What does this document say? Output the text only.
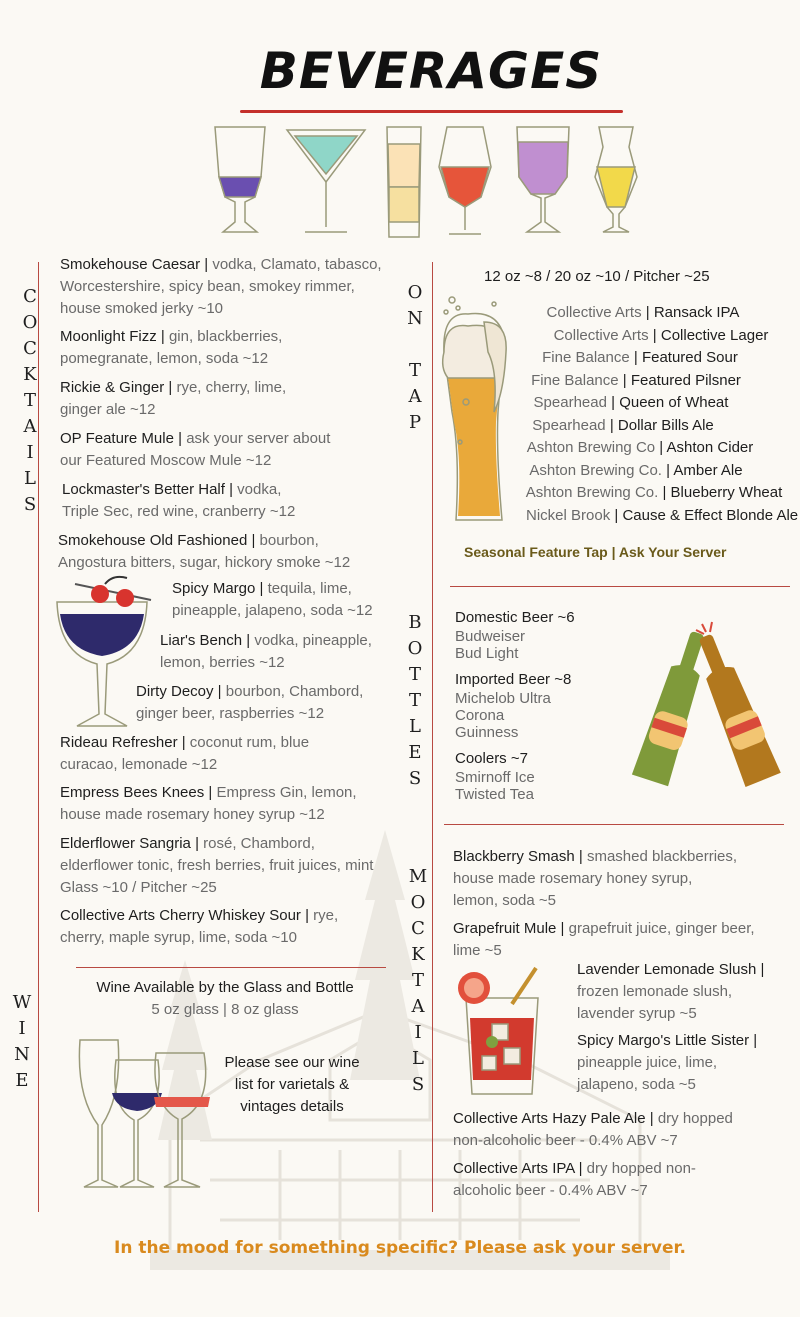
BEVERAGES
C
O
C
K
T
A
I
L
S
O
N
T
A
P
B
O
T
T
L
E
S
M
O
C
K
T
A
I
L
S
W
I
N
E
Smokehouse Caesar | vodka, Clamato, tabasco,
Worcestershire, spicy bean, smokey rimmer,
house smoked jerky ~10
Moonlight Fizz | gin, blackberries,
pomegranate, lemon, soda ~12
Rickie & Ginger | rye, cherry, lime,
ginger ale ~12
OP Feature Mule | ask your server about
our Featured Moscow Mule ~12
Lockmaster's Better Half | vodka,
Triple Sec, red wine, cranberry ~12
Smokehouse Old Fashioned | bourbon,
Angostura bitters, sugar, hickory smoke ~12
Spicy Margo | tequila, lime,
pineapple, jalapeno, soda ~12
Liar's Bench | vodka, pineapple,
lemon, berries ~12
Dirty Decoy | bourbon, Chambord,
ginger beer, raspberries ~12
Rideau Refresher | coconut rum, blue
curacao, lemonade ~12
Empress Bees Knees | Empress Gin, lemon,
house made rosemary honey syrup ~12
Elderflower Sangria | rosé, Chambord,
elderflower tonic, fresh berries, fruit juices, mint
Glass ~10 / Pitcher ~25
Collective Arts Cherry Whiskey Sour | rye,
cherry, maple syrup, lime, soda ~10
Wine Available by the Glass and Bottle
5 oz glass | 8 oz glass
Please see our wine
list for varietals &
vintages details
12 oz ~8 / 20 oz ~10 / Pitcher ~25
Collective Arts | Ransack IPA
Collective Arts | Collective Lager
Fine Balance | Featured Sour
Fine Balance | Featured Pilsner
Spearhead | Queen of Wheat
Spearhead | Dollar Bills Ale
Ashton Brewing Co | Ashton Cider
Ashton Brewing Co. | Amber Ale
Ashton Brewing Co. | Blueberry Wheat
Nickel Brook | Cause & Effect Blonde Ale
Seasonal Feature Tap | Ask Your Server
Domestic Beer ~6
Budweiser
Bud Light
Imported Beer ~8
Michelob Ultra
Corona
Guinness
Coolers ~7
Smirnoff Ice
Twisted Tea
Blackberry Smash | smashed blackberries,
house made rosemary honey syrup,
lemon, soda ~5
Grapefruit Mule | grapefruit juice, ginger beer,
lime ~5
Lavender Lemonade Slush |
frozen lemonade slush,
lavender syrup ~5
Spicy Margo's Little Sister |
pineapple juice, lime,
jalapeno, soda ~5
Collective Arts Hazy Pale Ale | dry hopped
non-alcoholic beer - 0.4% ABV ~7
Collective Arts IPA | dry hopped non-
alcoholic beer - 0.4% ABV ~7
In the mood for something specific? Please ask your server.
